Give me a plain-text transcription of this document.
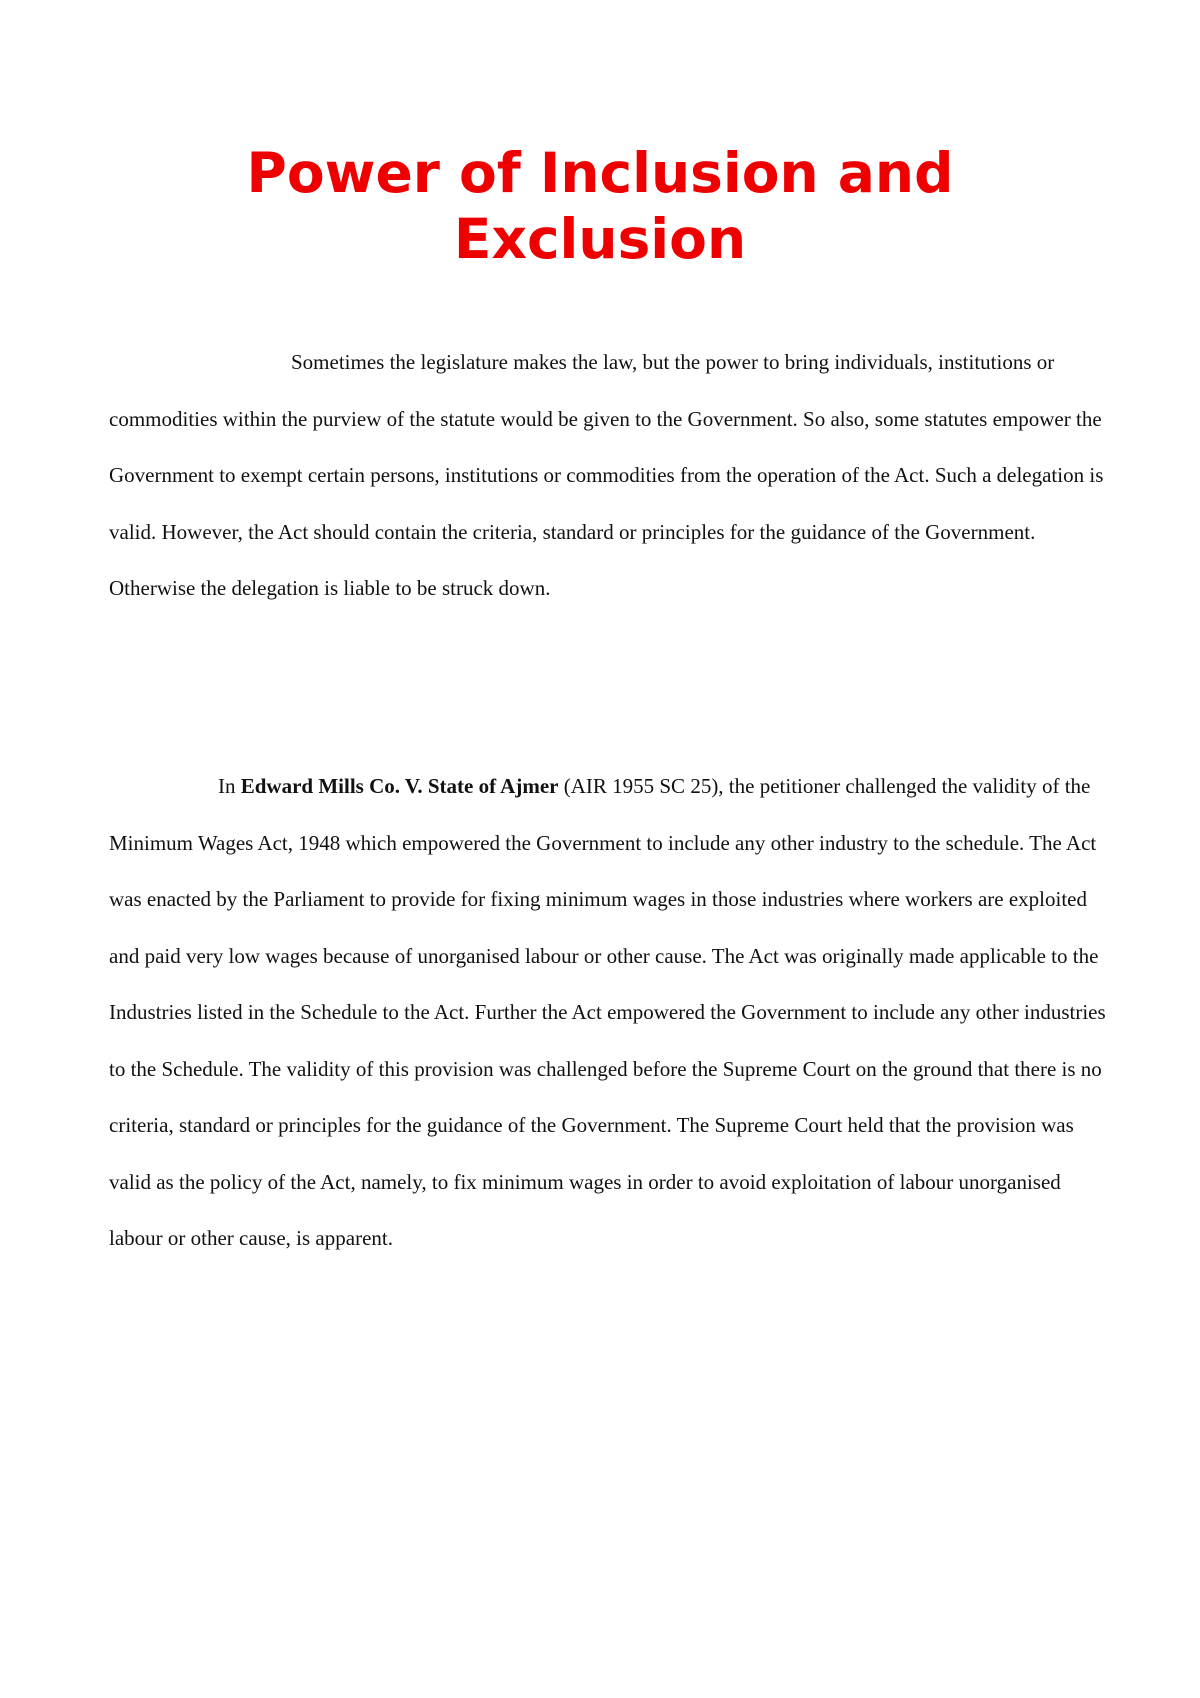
Power of Inclusion and Exclusion

Sometimes the legislature makes the law, but the power to bring individuals, institutions or commodities within the purview of the statute would be given to the Government. So also, some statutes empower the Government to exempt certain persons, institutions or commodities from the operation of the Act. Such a delegation is valid. However, the Act should contain the criteria, standard or principles for the guidance of the Government. Otherwise the delegation is liable to be struck down.

In Edward Mills Co. V. State of Ajmer (AIR 1955 SC 25), the petitioner challenged the validity of the Minimum Wages Act, 1948 which empowered the Government to include any other industry to the schedule. The Act was enacted by the Parliament to provide for fixing minimum wages in those industries where workers are exploited and paid very low wages because of unorganised labour or other cause. The Act was originally made applicable to the Industries listed in the Schedule to the Act. Further the Act empowered the Government to include any other industries to the Schedule. The validity of this provision was challenged before the Supreme Court on the ground that there is no criteria, standard or principles for the guidance of the Government. The Supreme Court held that the provision was valid as the policy of the Act, namely, to fix minimum wages in order to avoid exploitation of labour unorganised labour or other cause, is apparent.
